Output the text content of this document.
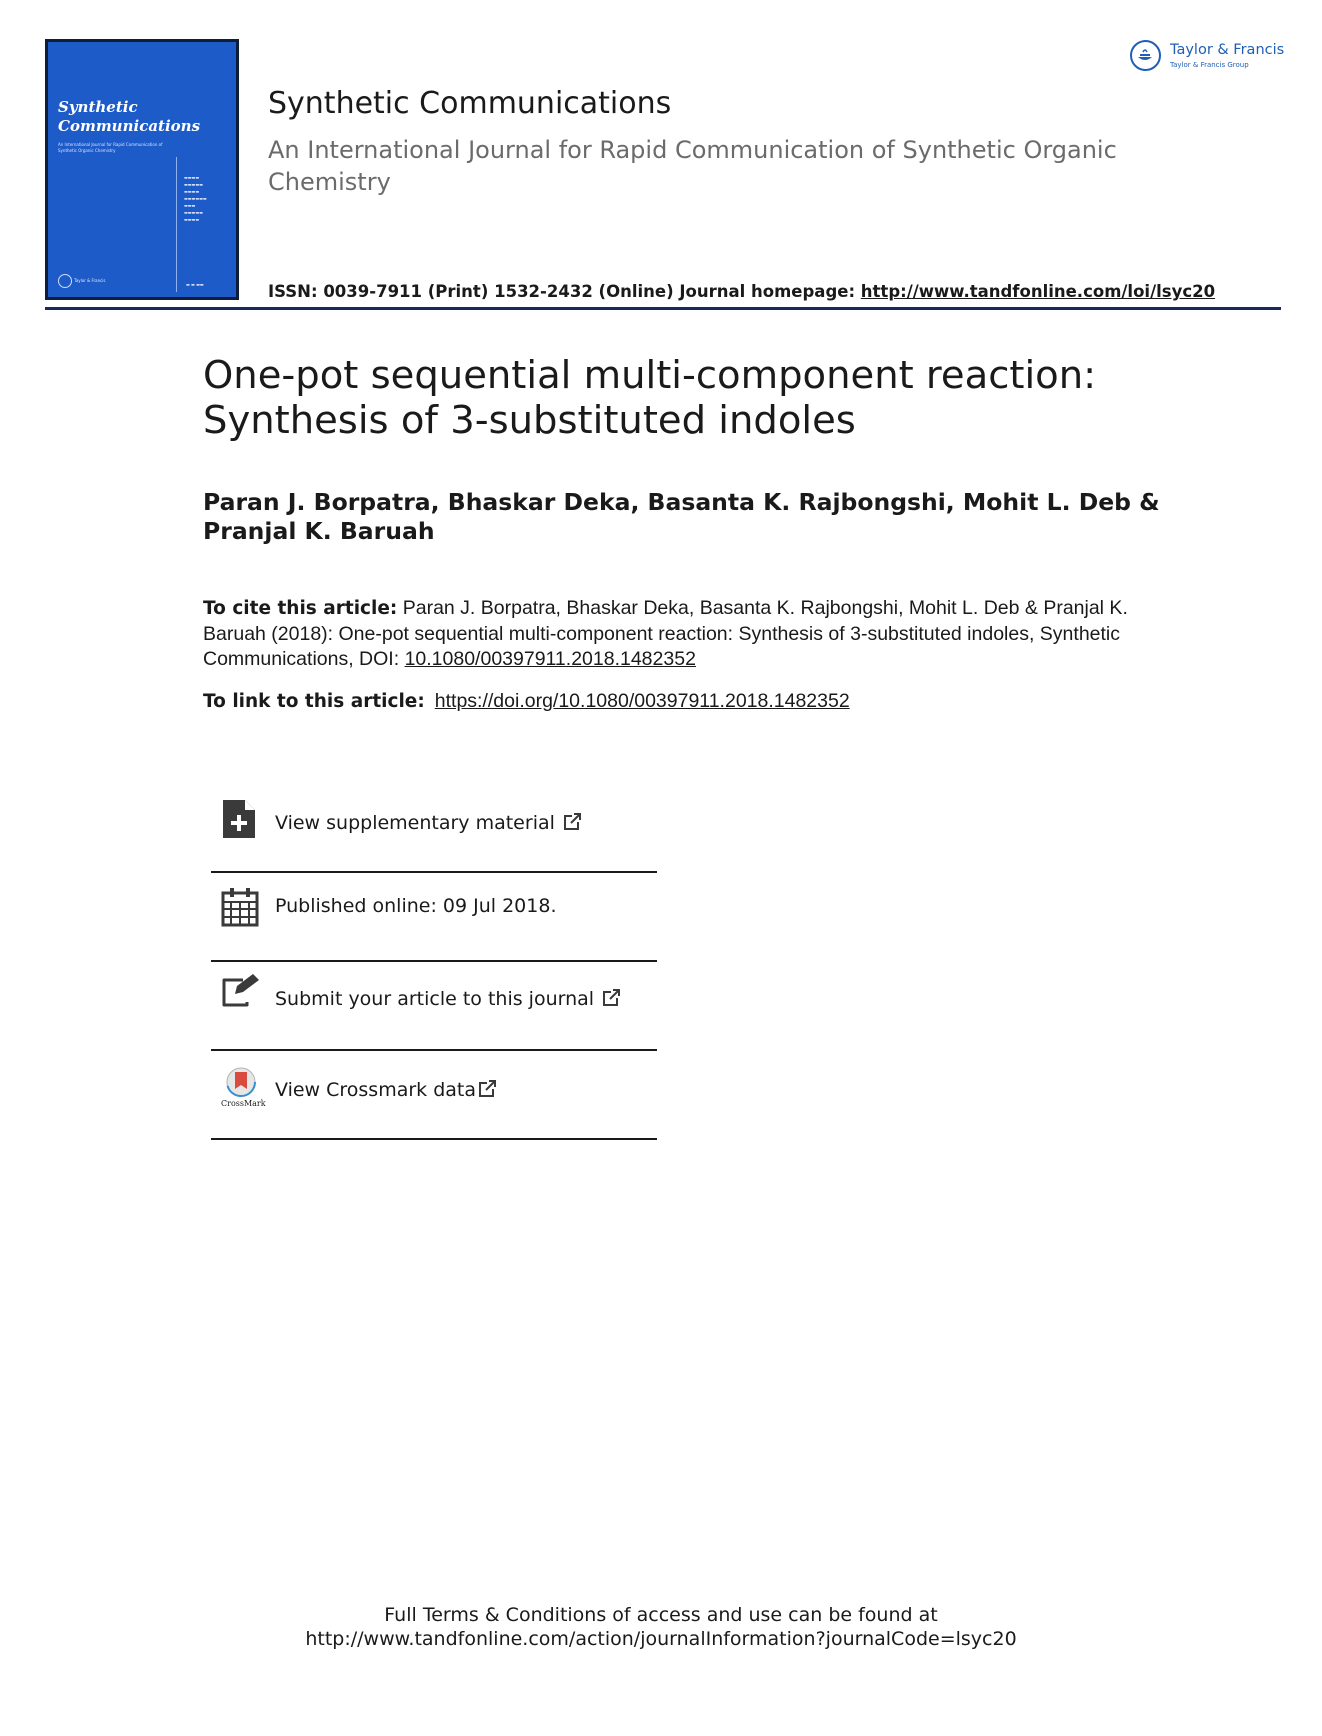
Synthetic
Communications
An International Journal for Rapid Communication of Synthetic Organic Chemistry
▬▬▬▬
▬▬▬▬▬
▬▬▬▬
▬▬▬▬▬▬
▬▬▬
▬▬▬▬▬
▬▬▬▬
Taylor & Francis
▬ ▬ ▬▬
Synthetic Communications
An International Journal for Rapid Communication of Synthetic Organic Chemistry
ISSN: 0039-7911 (Print) 1532-2432 (Online) Journal homepage: http://www.tandfonline.com/loi/lsyc20
Taylor & Francis
Taylor & Francis Group
One-pot sequential multi-component reaction: Synthesis of 3-substituted indoles
Paran J. Borpatra, Bhaskar Deka, Basanta K. Rajbongshi, Mohit L. Deb & Pranjal K. Baruah
To cite this article: Paran J. Borpatra, Bhaskar Deka, Basanta K. Rajbongshi, Mohit L. Deb & Pranjal K. Baruah (2018): One-pot sequential multi-component reaction: Synthesis of 3-substituted indoles, Synthetic Communications, DOI: 10.1080/00397911.2018.1482352
To link to this article: https://doi.org/10.1080/00397911.2018.1482352
View supplementary material
Published online: 09 Jul 2018.
Submit your article to this journal
CrossMark
View Crossmark data
Full Terms & Conditions of access and use can be found at
http://www.tandfonline.com/action/journalInformation?journalCode=lsyc20
